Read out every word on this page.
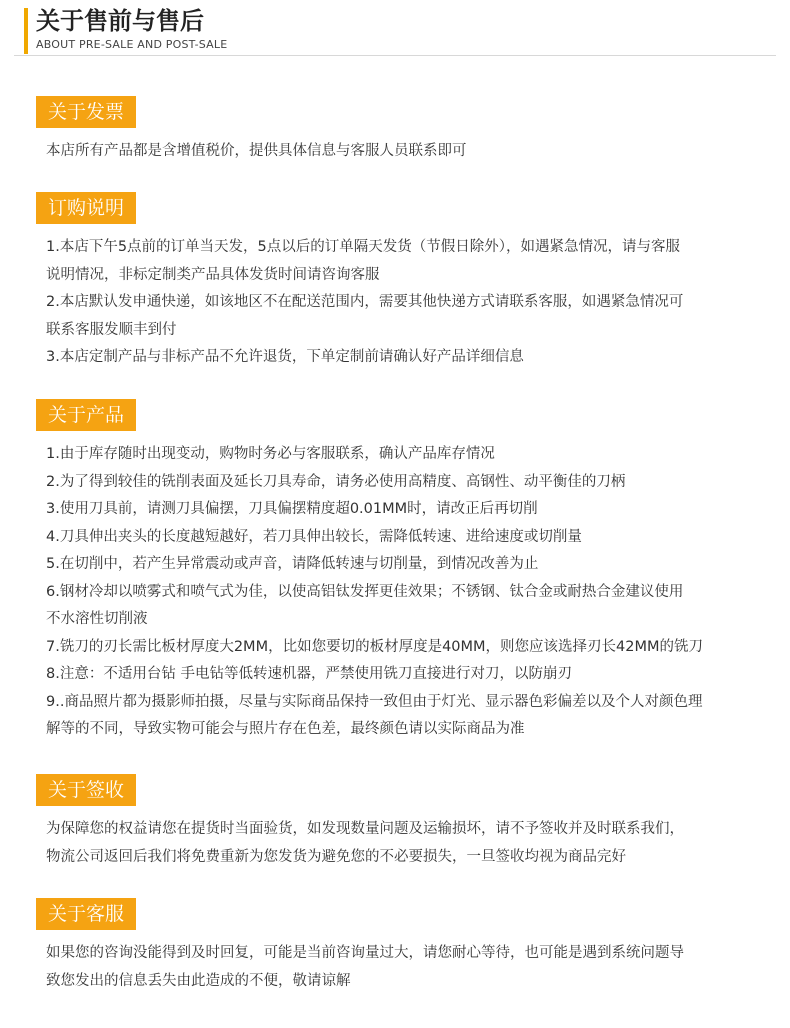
关于售前与售后
ABOUT PRE-SALE AND POST-SALE
关于发票
本店所有产品都是含增值税价，提供具体信息与客服人员联系即可
订购说明
1.本店下午5点前的订单当天发，5点以后的订单隔天发货（节假日除外），如遇紧急情况，请与客服
说明情况，非标定制类产品具体发货时间请咨询客服
2.本店默认发申通快递，如该地区不在配送范围内，需要其他快递方式请联系客服，如遇紧急情况可
联系客服发顺丰到付
3.本店定制产品与非标产品不允许退货，下单定制前请确认好产品详细信息
关于产品
1.由于库存随时出现变动，购物时务必与客服联系，确认产品库存情况
2.为了得到较佳的铣削表面及延长刀具寿命，请务必使用高精度、高钢性、动平衡佳的刀柄
3.使用刀具前，请测刀具偏摆，刀具偏摆精度超0.01MM时，请改正后再切削
4.刀具伸出夹头的长度越短越好，若刀具伸出较长，需降低转速、进给速度或切削量
5.在切削中，若产生异常震动或声音，请降低转速与切削量，到情况改善为止
6.钢材冷却以喷雾式和喷气式为佳，以使高铝钛发挥更佳效果；不锈钢、钛合金或耐热合金建议使用
不水溶性切削液
7.铣刀的刃长需比板材厚度大2MM，比如您要切的板材厚度是40MM，则您应该选择刃长42MM的铣刀
8.注意：不适用台钻 手电钻等低转速机器，严禁使用铣刀直接进行对刀，以防崩刃
9..商品照片都为摄影师拍摄，尽量与实际商品保持一致但由于灯光、显示器色彩偏差以及个人对颜色理
解等的不同，导致实物可能会与照片存在色差，最终颜色请以实际商品为准
关于签收
为保障您的权益请您在提货时当面验货，如发现数量问题及运输损坏，请不予签收并及时联系我们，
物流公司返回后我们将免费重新为您发货为避免您的不必要损失，一旦签收均视为商品完好
关于客服
如果您的咨询没能得到及时回复，可能是当前咨询量过大，请您耐心等待，也可能是遇到系统问题导
致您发出的信息丢失由此造成的不便，敬请谅解
